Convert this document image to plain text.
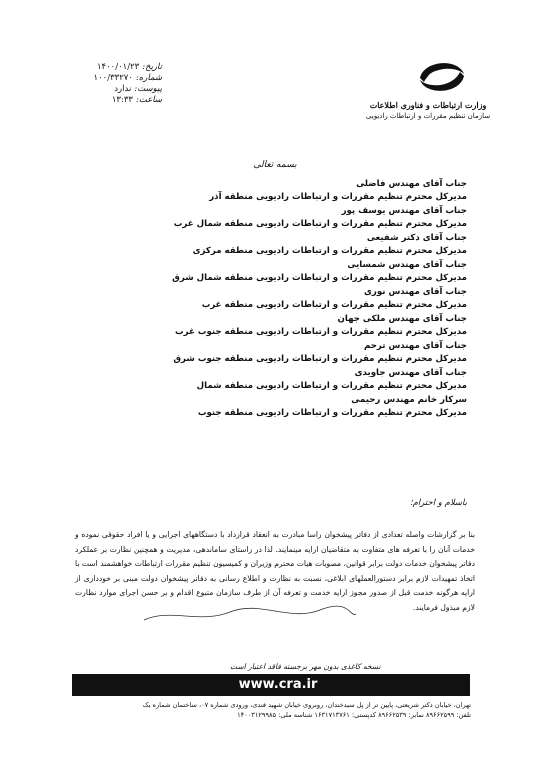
تاریخ:
۱۴۰۰/۰۱/۲۳
شماره:
۱۰۰/۳۳۲۷۰
پیوست:
ندارد
ساعت:
۱۳:۳۳	وزارت ارتباطات و فناوری اطلاعات
سازمان تنظیم مقررات و ارتباطات رادیویی
بسمه تعالی
جناب آقای مهندس فاضلی
مدیرکل محترم تنظیم مقررات و ارتباطات رادیویی منطقه آذر
جناب آقای مهندس یوسف پور
مدیرکل محترم تنظیم مقررات و ارتباطات رادیویی منطقه شمال غرب
جناب آقای دکتر شفیعی
مدیرکل محترم تنظیم مقررات و ارتباطات رادیویی منطقه مرکزی
جناب آقای مهندس شمسایی
مدیرکل محترم تنظیم مقررات و ارتباطات رادیویی منطقه شمال شرق
جناب آقای مهندس نوری
مدیرکل محترم تنظیم مقررات و ارتباطات رادیویی منطقه غرب
جناب آقای مهندس ملکی جهان
مدیرکل محترم تنظیم مقررات و ارتباطات رادیویی منطقه جنوب غرب
جناب آقای مهندس ترحم
مدیرکل محترم تنظیم مقررات و ارتباطات رادیویی منطقه جنوب شرق
جناب آقای مهندس جاویدی
مدیرکل محترم تنظیم مقررات و ارتباطات رادیویی منطقه شمال
سرکار خانم مهندس رحیمی
مدیرکل محترم تنظیم مقررات و ارتباطات رادیویی منطقه جنوب
باسلام و احترام؛
بنا بر گزارشات واصله تعدادی از دفاتر پیشخوان راسا مبادرت به انعقاد قرارداد با دستگاههای اجرایی و یا افراد حقوقی نموده و خدمات آنان را با تعرفه های متفاوت به متقاضیان ارایه مینمایند. لذا در راستای ساماندهی، مدیریت و همچنین نظارت بر عملکرد دفاتر پیشخوان خدمات دولت برابر قوانین، مصوبات هیات محترم وزیران و کمیسیون تنظیم مقررات ارتباطات خواهشمند است با اتخاذ تمهیدات لازم برابر دستورالعملهای ابلاغی، نسبت به نظارت و اطلاع رسانی به دفاتر پیشخوان دولت مبنی بر خودداری از ارایه هرگونه خدمت قبل از صدور مجوز ارایه خدمت و تعرفه آن از طرف سازمان متبوع اقدام و بر حسن اجرای موارد نظارت لازم مبذول فرمایند.
نسخه کاغذی بدون مهر برجسته فاقد اعتبار است
www.cra.ir
تهران، خیابان دکتر شریعتی، پایین تر از پل سیدخندان، روبروی خیابان شهید قندی، ورودی شماره ۰۷، ساختمان شماره یک
تلفن: ۸۹۶۶۲۵۹۹ نمابر: ۸۹۶۶۲۵۳۹ کدپستی: ۱۶۳۱۷۱۳۷۶۱ شناسه ملی: ۱۴۰۰۳۱۲۹۹۸۵
